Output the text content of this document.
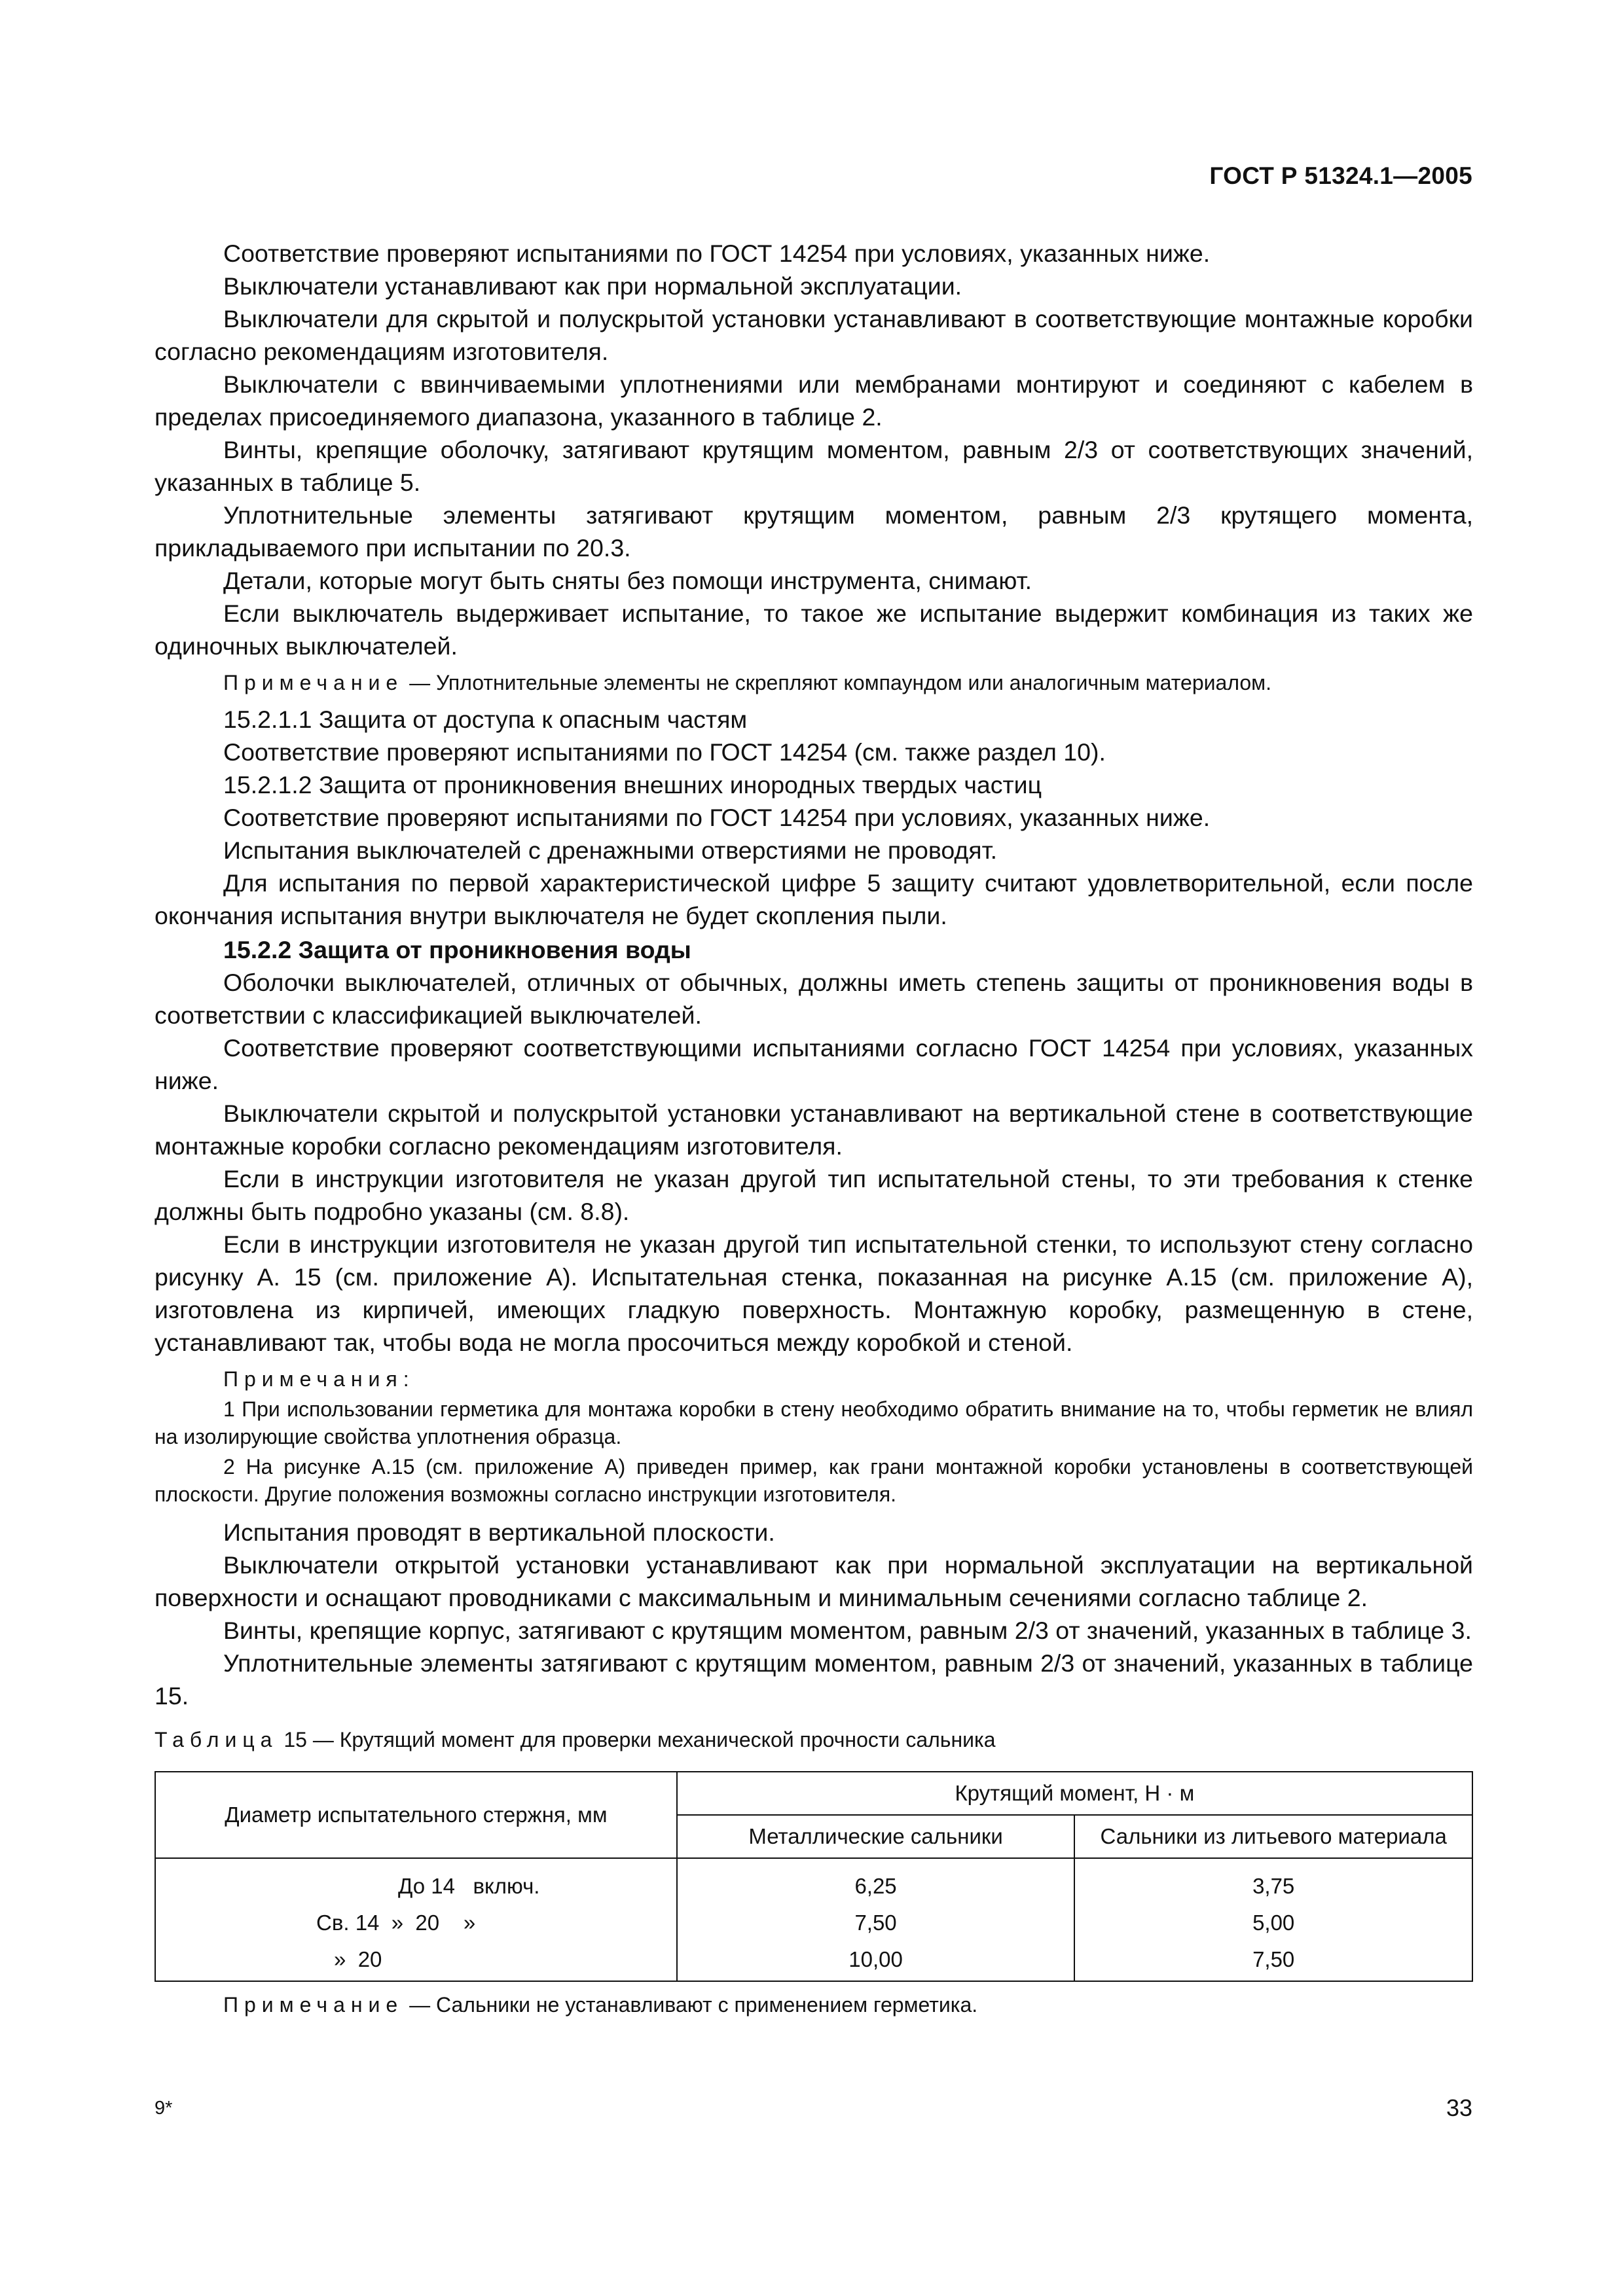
ГОСТ Р 51324.1—2005

Соответствие проверяют испытаниями по ГОСТ 14254 при условиях, указанных ниже.

Выключатели устанавливают как при нормальной эксплуатации.

Выключатели для скрытой и полускрытой установки устанавливают в соответствующие монтажные коробки согласно рекомендациям изготовителя.

Выключатели с ввинчиваемыми уплотнениями или мембранами монтируют и соединяют с кабелем в пределах присоединяемого диапазона, указанного в таблице 2.

Винты, крепящие оболочку, затягивают крутящим моментом, равным 2/3 от соответствующих значений, указанных в таблице 5.

Уплотнительные элементы затягивают крутящим моментом, равным 2/3 крутящего момента, прикладываемого при испытании по 20.3.

Детали, которые могут быть сняты без помощи инструмента, снимают.

Если выключатель выдерживает испытание, то такое же испытание выдержит комбинация из таких же одиночных выключателей.

Примечание — Уплотнительные элементы не скрепляют компаундом или аналогичным материалом.

15.2.1.1 Защита от доступа к опасным частям

Соответствие проверяют испытаниями по ГОСТ 14254 (см. также раздел 10).

15.2.1.2 Защита от проникновения внешних инородных твердых частиц

Соответствие проверяют испытаниями по ГОСТ 14254 при условиях, указанных ниже.

Испытания выключателей с дренажными отверстиями не проводят.

Для испытания по первой характеристической цифре 5 защиту считают удовлетворительной, если после окончания испытания внутри выключателя не будет скопления пыли.

15.2.2 Защита от проникновения воды

Оболочки выключателей, отличных от обычных, должны иметь степень защиты от проникновения воды в соответствии с классификацией выключателей.

Соответствие проверяют соответствующими испытаниями согласно ГОСТ 14254 при условиях, указанных ниже.

Выключатели скрытой и полускрытой установки устанавливают на вертикальной стене в соответствующие монтажные коробки согласно рекомендациям изготовителя.

Если в инструкции изготовителя не указан другой тип испытательной стены, то эти требования к стенке должны быть подробно указаны (см. 8.8).

Если в инструкции изготовителя не указан другой тип испытательной стенки, то используют стену согласно рисунку А. 15 (см. приложение А). Испытательная стенка, показанная на рисунке А.15 (см. приложение А), изготовлена из кирпичей, имеющих гладкую поверхность. Монтажную коробку, размещенную в стене, устанавливают так, чтобы вода не могла просочиться между коробкой и стеной.

Примечания:

1 При использовании герметика для монтажа коробки в стену необходимо обратить внимание на то, чтобы герметик не влиял на изолирующие свойства уплотнения образца.

2 На рисунке А.15 (см. приложение А) приведен пример, как грани монтажной коробки установлены в соответствующей плоскости. Другие положения возможны согласно инструкции изготовителя.

Испытания проводят в вертикальной плоскости.

Выключатели открытой установки устанавливают как при нормальной эксплуатации на вертикальной поверхности и оснащают проводниками с максимальным и минимальным сечениями согласно таблице 2.

Винты, крепящие корпус, затягивают с крутящим моментом, равным 2/3 от значений, указанных в таблице 3.

Уплотнительные элементы затягивают с крутящим моментом, равным 2/3 от значений, указанных в таблице 15.

Таблица 15 — Крутящий момент для проверки механической прочности сальника
Диаметр испытательного стержня, мм	Крутящий момент, Н · м	
	Металлические сальники	Сальники из литьевого материала
До 14   включ.	6,25	3,75
Св. 14  »  20    »	7,50	5,00
»  20	10,00	7,50
Примечание — Сальники не устанавливают с применением герметика.
9*	33
